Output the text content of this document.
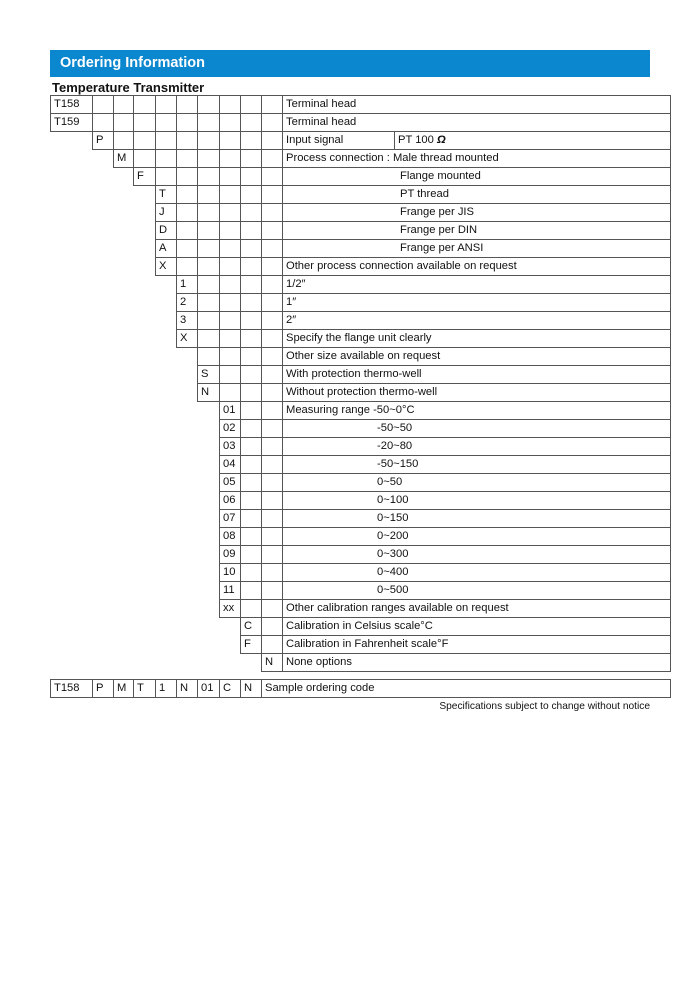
Ordering Information
Temperature Transmitter
T158										Terminal head	
T159										Terminal head	
	P									Input signal	PT 100 Ω
		M								Process connection : Male thread mounted	
			F							Flange mounted	
				T						PT thread	
				J						Frange per JIS	
				D						Frange per DIN	
				A						Frange per ANSI	
				X						Other process connection available on request	
					1					1/2″	
					2					1″	
					3					2″	
					X					Specify the flange unit clearly	
										Other size available on request	
						S				With protection thermo-well	
						N				Without protection thermo-well	
							01			Measuring range -50~0°C	
							02			-50~50	
							03			-20~80	
							04			-50~150	
							05			0~50	
							06			0~100	
							07			0~150	
							08			0~200	
							09			0~300	
							10			0~400	
							11			0~500	
							xx			Other calibration ranges available on request	
								C		Calibration in Celsius scale°C	
								F		Calibration in Fahrenheit scale°F	
									N	None options	
T158	P	M	T	1	N	01	C	N	Sample ordering code
Specifications subject to change without notice
